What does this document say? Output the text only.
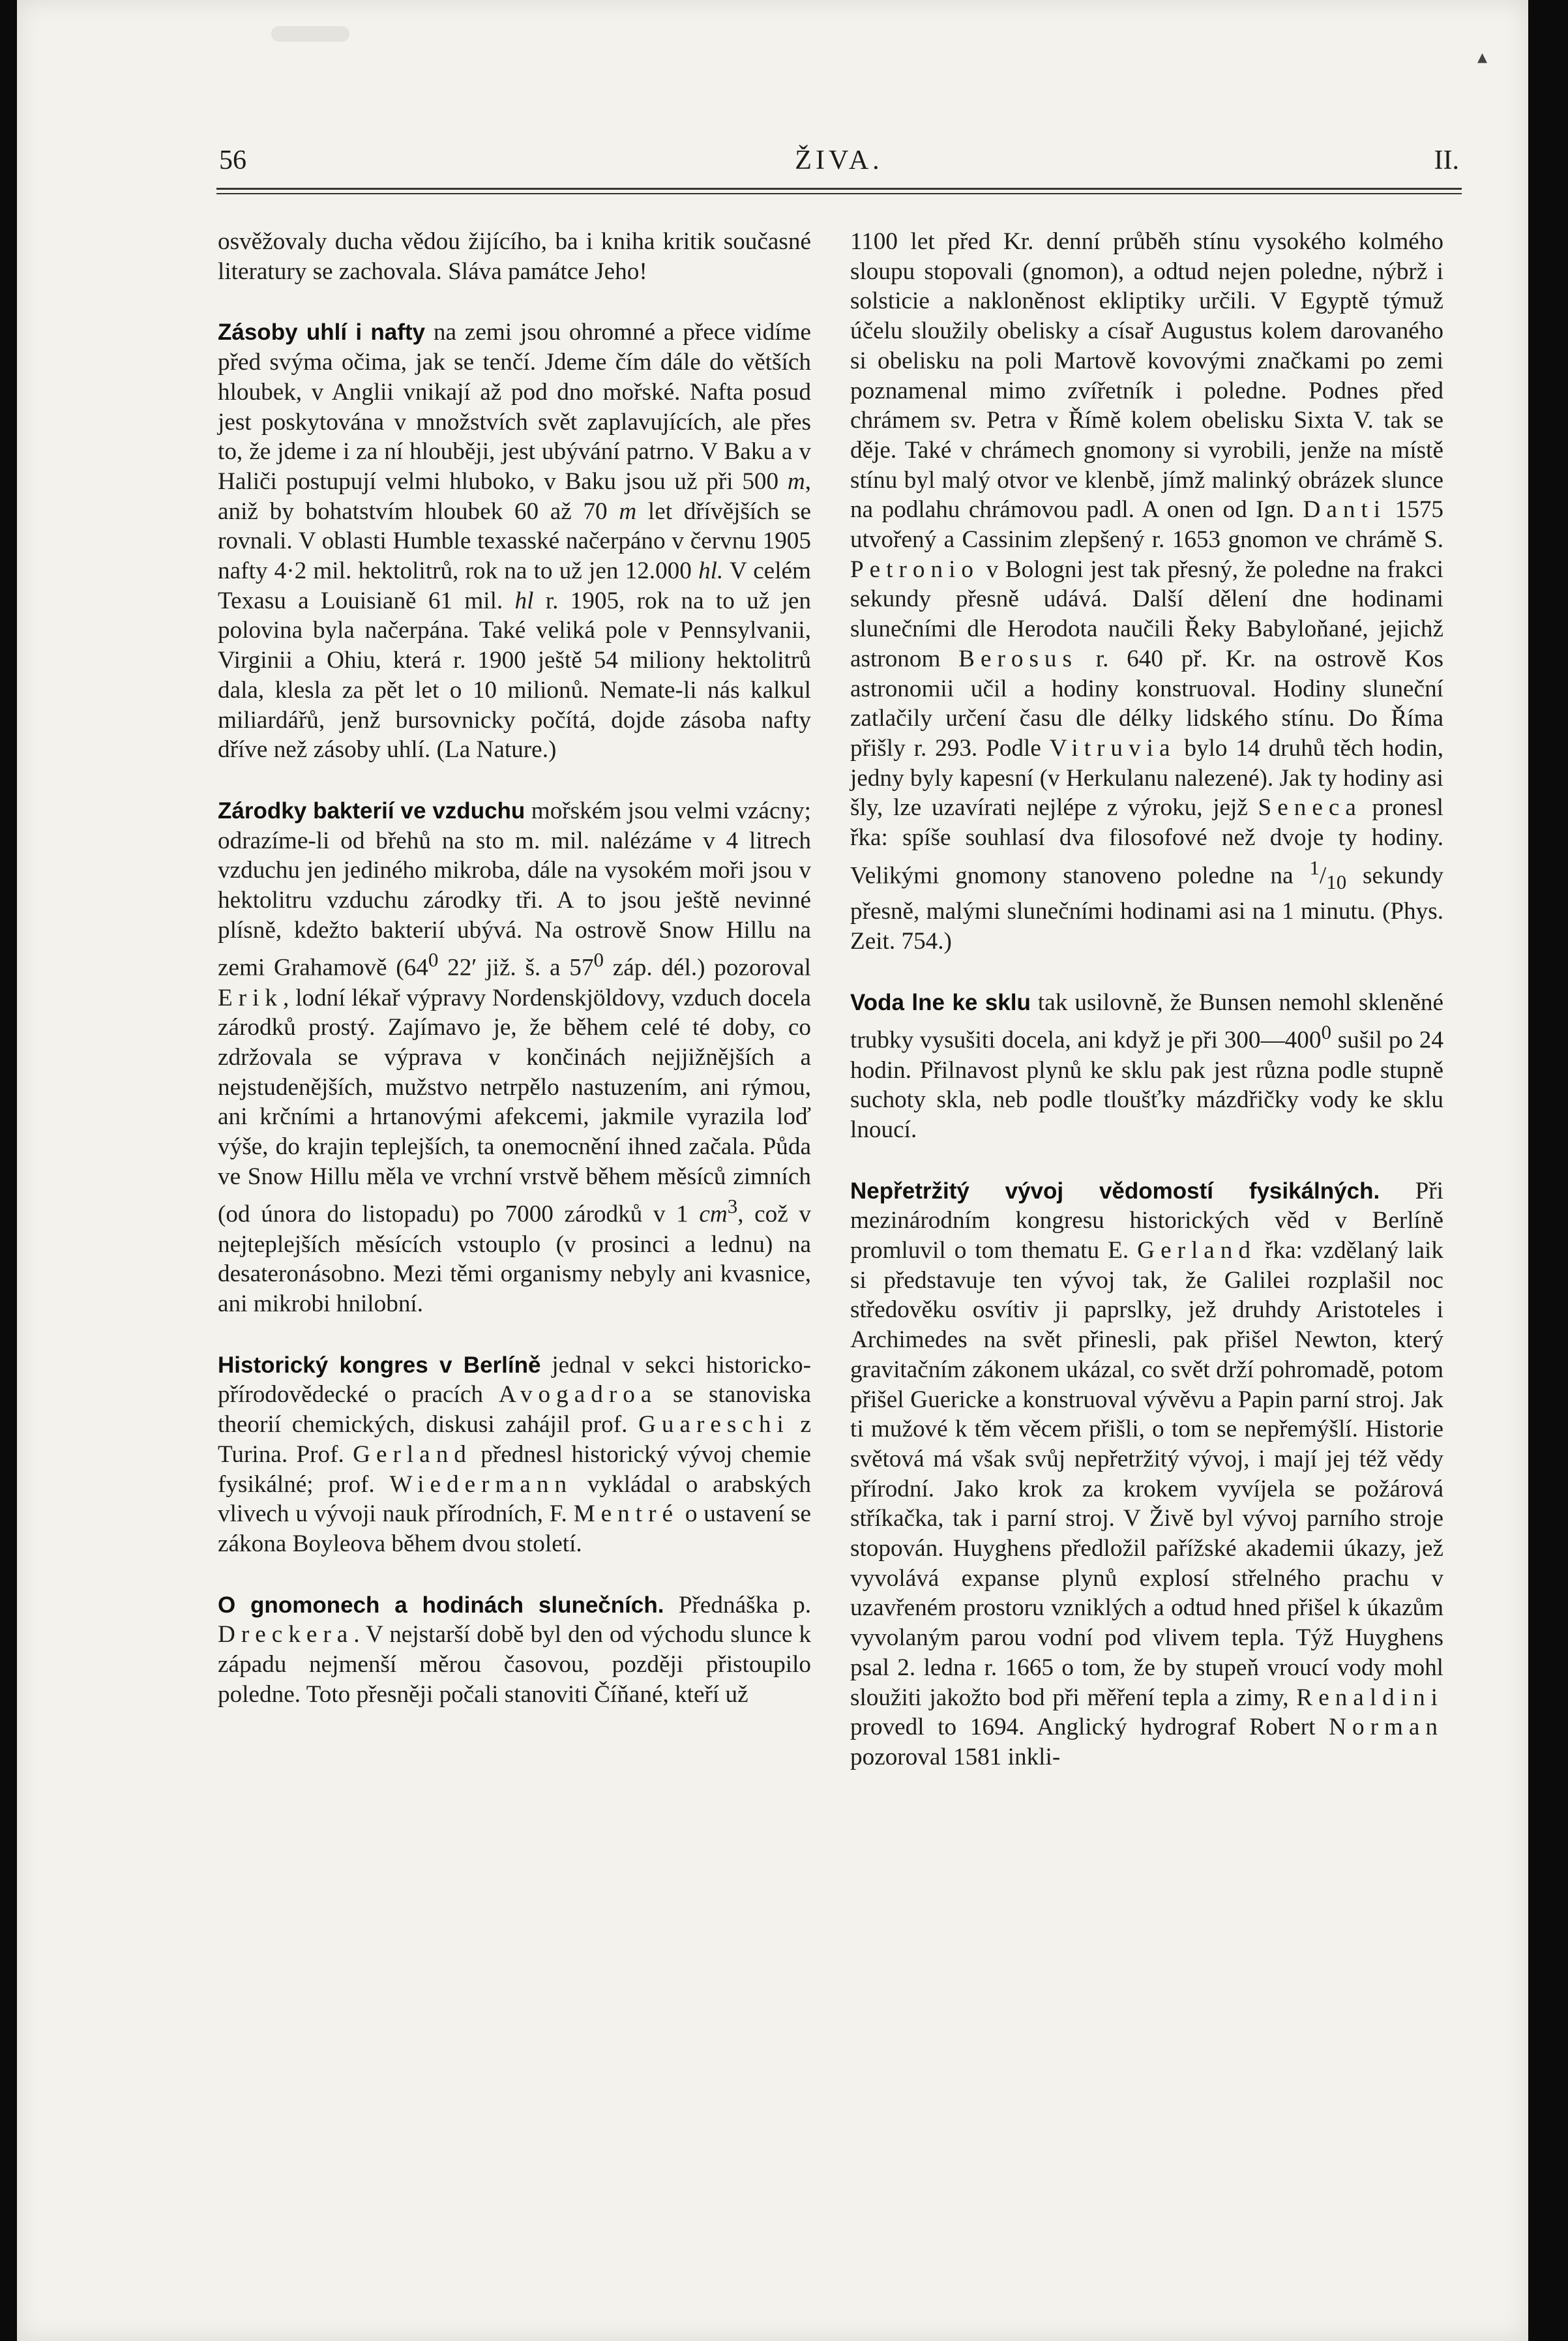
56	ŽIVA.	II.

osvěžovaly ducha vědou žijícího, ba i kniha kritik současné literatury se zachovala. Sláva památce Jeho!

Zásoby uhlí i nafty na zemi jsou ohromné a přece vidíme před svýma očima, jak se tenčí. Jdeme čím dále do větších hloubek, v Anglii vnikají až pod dno mořské. Nafta posud jest poskytována v množstvích svět zaplavujících, ale přes to, že jdeme i za ní hlouběji, jest ubývání patrno. V Baku a v Haliči postupují velmi hluboko, v Baku jsou už při 500 m, aniž by bohatstvím hloubek 60 až 70 m let dřívějších se rovnali. V oblasti Humble texasské načerpáno v červnu 1905 nafty 4·2 mil. hektolitrů, rok na to už jen 12.000 hl. V celém Texasu a Louisianě 61 mil. hl r. 1905, rok na to už jen polovina byla načerpána. Také veliká pole v Pennsylvanii, Virginii a Ohiu, která r. 1900 ještě 54 miliony hektolitrů dala, klesla za pět let o 10 milionů. Nemate-li nás kalkul miliardářů, jenž bursovnicky počítá, dojde zásoba nafty dříve než zásoby uhlí. (La Nature.)

Zárodky bakterií ve vzduchu mořském jsou velmi vzácny; odrazíme-li od břehů na sto m. mil. nalézáme v 4 litrech vzduchu jen jediného mikroba, dále na vysokém moři jsou v hektolitru vzduchu zárodky tři. A to jsou ještě nevinné plísně, kdežto bakterií ubývá. Na ostrově Snow Hillu na zemi Grahamově ($64^0$ 22′ již. š. a $57^0$ záp. dél.) pozoroval Erik, lodní lékař výpravy Nordenskjöldovy, vzduch docela zárodků prostý. Zajímavo je, že během celé té doby, co zdržovala se výprava v končinách nejjižnějších a nejstudenějších, mužstvo netrpělo nastuzením, ani rýmou, ani krčními a hrtanovými afekcemi, jakmile vyrazila loď výše, do krajin teplejších, ta onemocnění ihned začala. Půda ve Snow Hillu měla ve vrchní vrstvě během měsíců zimních (od února do listopadu) po 7000 zárodků v 1 $cm^3$, což v nejteplejších měsících vstouplo (v prosinci a lednu) na desateronásobno. Mezi těmi organismy nebyly ani kvasnice, ani mikrobi hnilobní.

Historický kongres v Berlíně jednal v sekci historicko-přírodovědecké o pracích Avogadroa se stanoviska theorií chemických, diskusi zahájil prof. Guareschi z Turina. Prof. Gerland přednesl historický vývoj chemie fysikálné; prof. Wiedermann vykládal o arabských vlivech u vývoji nauk přírodních, F. Mentré o ustavení se zákona Boyleova během dvou století.

O gnomonech a hodinách slunečních. Přednáška p. Dreckera. V nejstarší době byl den od východu slunce k západu nejmenší měrou časovou, později přistoupilo poledne. Toto přesněji počali stanoviti Číňané, kteří už

1100 let před Kr. denní průběh stínu vysokého kolmého sloupu stopovali (gnomon), a odtud nejen poledne, nýbrž i solsticie a nakloněnost ekliptiky určili. V Egyptě týmuž účelu sloužily obelisky a císař Augustus kolem darovaného si obelisku na poli Martově kovovými značkami po zemi poznamenal mimo zvířetník i poledne. Podnes před chrámem sv. Petra v Římě kolem obelisku Sixta V. tak se děje. Také v chrámech gnomony si vyrobili, jenže na místě stínu byl malý otvor ve klenbě, jímž malinký obrázek slunce na podlahu chrámovou padl. A onen od Ign. Danti 1575 utvořený a Cassinim zlepšený r. 1653 gnomon ve chrámě S. Petronio v Bologni jest tak přesný, že poledne na frakci sekundy přesně udává. Další dělení dne hodinami slunečními dle Herodota naučili Řeky Babyloňané, jejichž astronom Berosus r. 640 př. Kr. na ostrově Kos astronomii učil a hodiny konstruoval. Hodiny sluneční zatlačily určení času dle délky lidského stínu. Do Říma přišly r. 293. Podle Vitruvia bylo 14 druhů těch hodin, jedny byly kapesní (v Herkulanu nalezené). Jak ty hodiny asi šly, lze uzavírati nejlépe z výroku, jejž Seneca pronesl řka: spíše souhlasí dva filosofové než dvoje ty hodiny. Velikými gnomony stanoveno poledne na $^1/_{10}$ sekundy přesně, malými slunečními hodinami asi na 1 minutu. (Phys. Zeit. 754.)

Voda lne ke sklu tak usilovně, že Bunsen nemohl skleněné trubky vysušiti docela, ani když je při $300—400^0$ sušil po 24 hodin. Přilnavost plynů ke sklu pak jest různa podle stupně suchoty skla, neb podle tloušťky mázdřičky vody ke sklu lnoucí.

Nepřetržitý vývoj vědomostí fysikálných. Při mezinárodním kongresu historických věd v Berlíně promluvil o tom thematu E. Gerland řka: vzdělaný laik si představuje ten vývoj tak, že Galilei rozplašil noc středověku osvítiv ji paprslky, jež druhdy Aristoteles i Archimedes na svět přinesli, pak přišel Newton, který gravitačním zákonem ukázal, co svět drží pohromadě, potom přišel Guericke a konstruoval vývěvu a Papin parní stroj. Jak ti mužové k těm věcem přišli, o tom se nepřemýšlí. Historie světová má však svůj nepřetržitý vývoj, i mají jej též vědy přírodní. Jako krok za krokem vyvíjela se požárová stříkačka, tak i parní stroj. V Živě byl vývoj parního stroje stopován. Huyghens předložil pařížské akademii úkazy, jež vyvolává expanse plynů explosí střelného prachu v uzavřeném prostoru vzniklých a odtud hned přišel k úkazům vyvolaným parou vodní pod vlivem tepla. Týž Huyghens psal 2. ledna r. 1665 o tom, že by stupeň vroucí vody mohl sloužiti jakožto bod při měření tepla a zimy, Renaldini provedl to 1694. Anglický hydrograf Robert Norman pozoroval 1581 inkli-

▴
